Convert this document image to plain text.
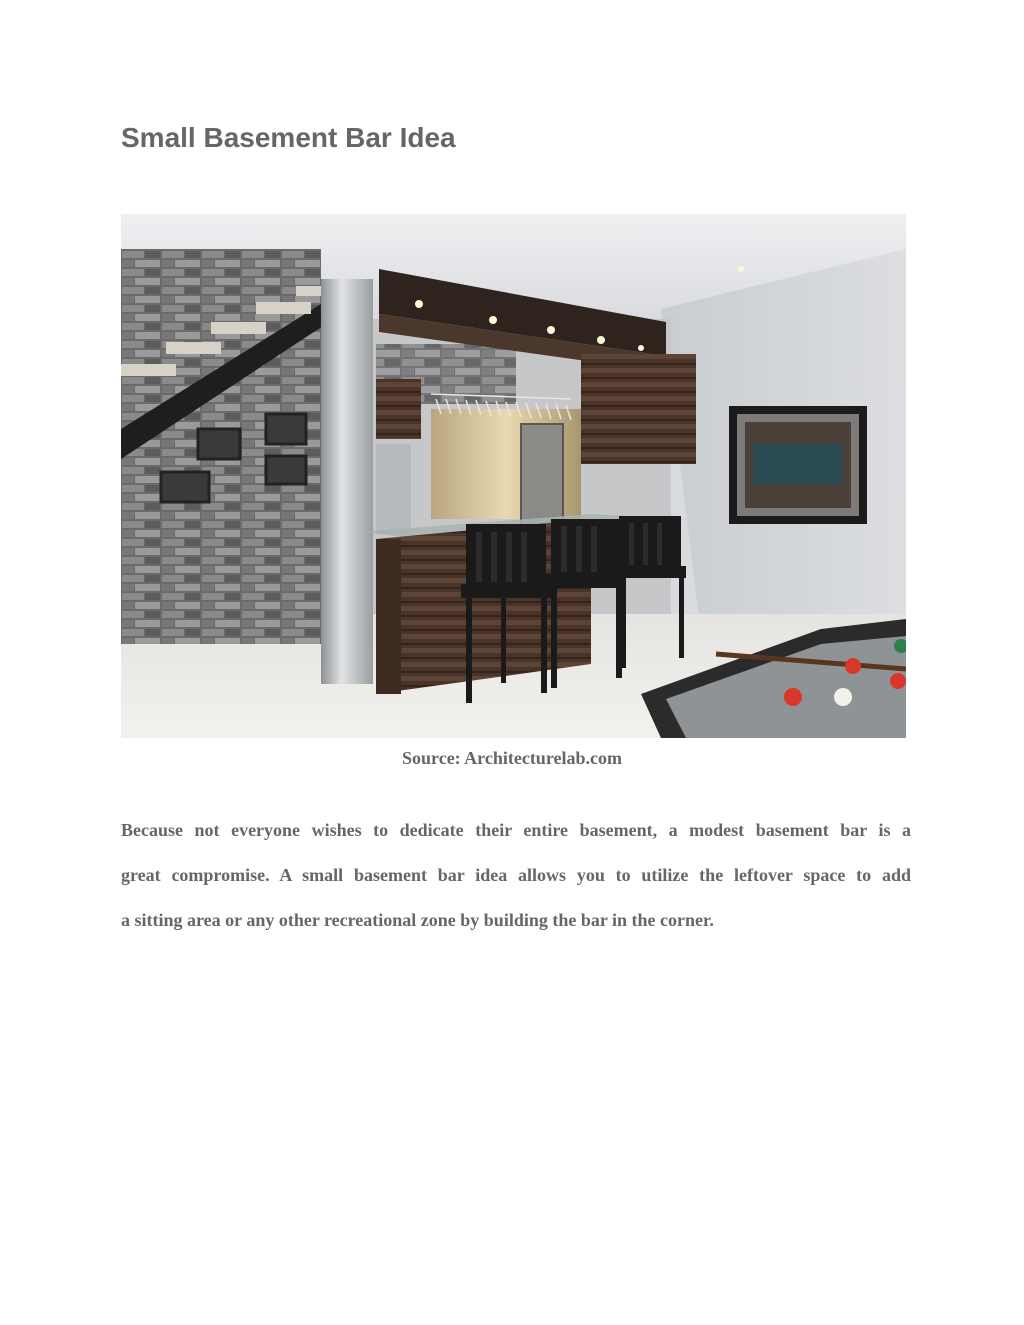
Small Basement Bar Idea
Source: Architecturelab.com

Because not everyone wishes to dedicate their entire basement, a modest basement bar is a
great compromise. A small basement bar idea allows you to utilize the leftover space to add
a sitting area or any other recreational zone by building the bar in the corner.
